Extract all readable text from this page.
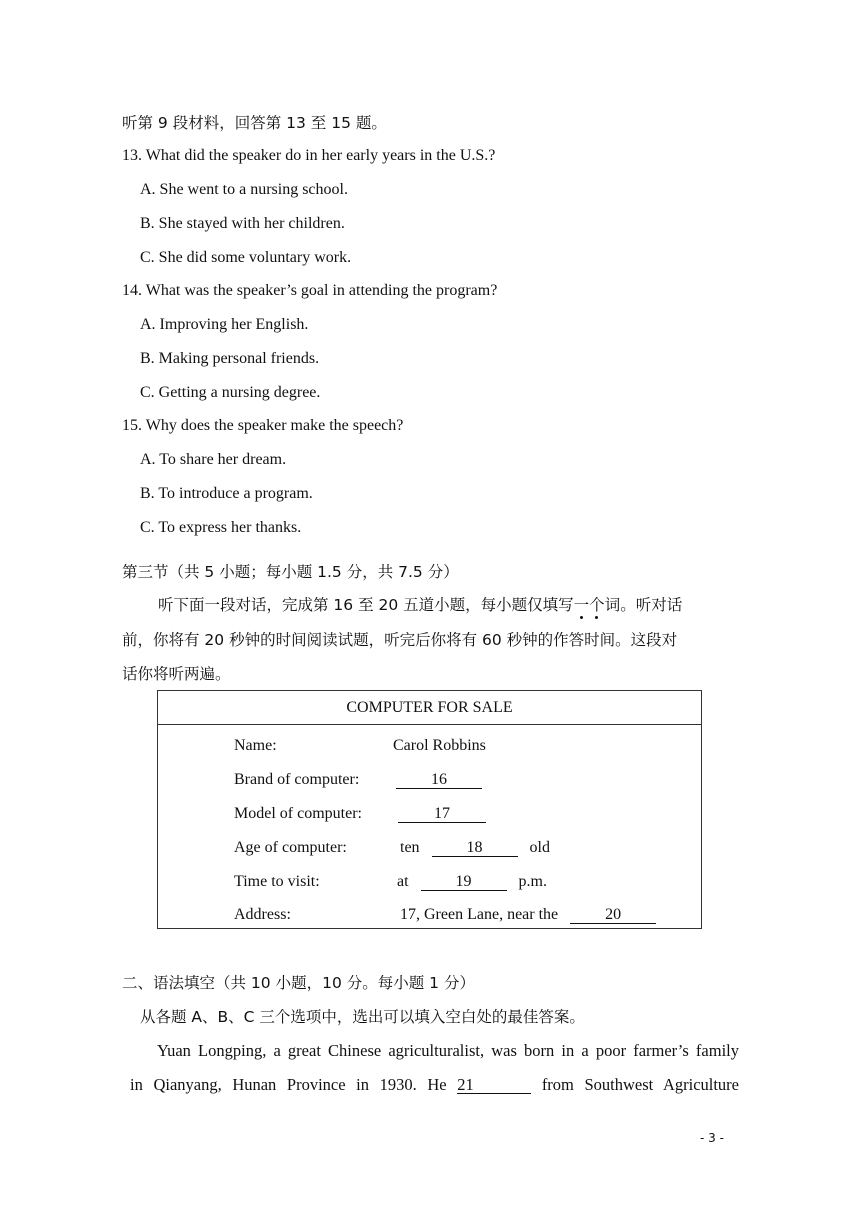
听第 9 段材料，回答第 13 至 15 题。
13. What did the speaker do in her early years in the U.S.?
A. She went to a nursing school.
B. She stayed with her children.
C. She did some voluntary work.
14. What was the speaker’s goal in attending the program?
A. Improving her English.
B. Making personal friends.
C. Getting a nursing degree.
15. Why does the speaker make the speech?
A. To share her dream.
B. To introduce a program.
C. To express her thanks.
第三节（共 5 小题；每小题 1.5 分，共 7.5 分）
听下面一段对话，完成第 16 至 20 五道小题，每小题仅填写一个词。听对话
前，你将有 20 秒钟的时间阅读试题，听完后你将有 60 秒钟的作答时间。这段对
话你将听两遍。
COMPUTER FOR SALE
Name:	Carol Robbins
Brand of computer:	16
Model of computer:	17
Age of computer:	ten	18	old
Time to visit:	at	19	p.m.
Address:	17, Green Lane, near the	20
二、语法填空（共 10 小题，10 分。每小题 1 分）
从各题 A、B、C 三个选项中，选出可以填入空白处的最佳答案。
Yuan Longping, a great Chinese agriculturalist, was born in a poor farmer’s family
in Qianyang, Hunan Province in 1930. He 21	from Southwest Agriculture
- 3 -
